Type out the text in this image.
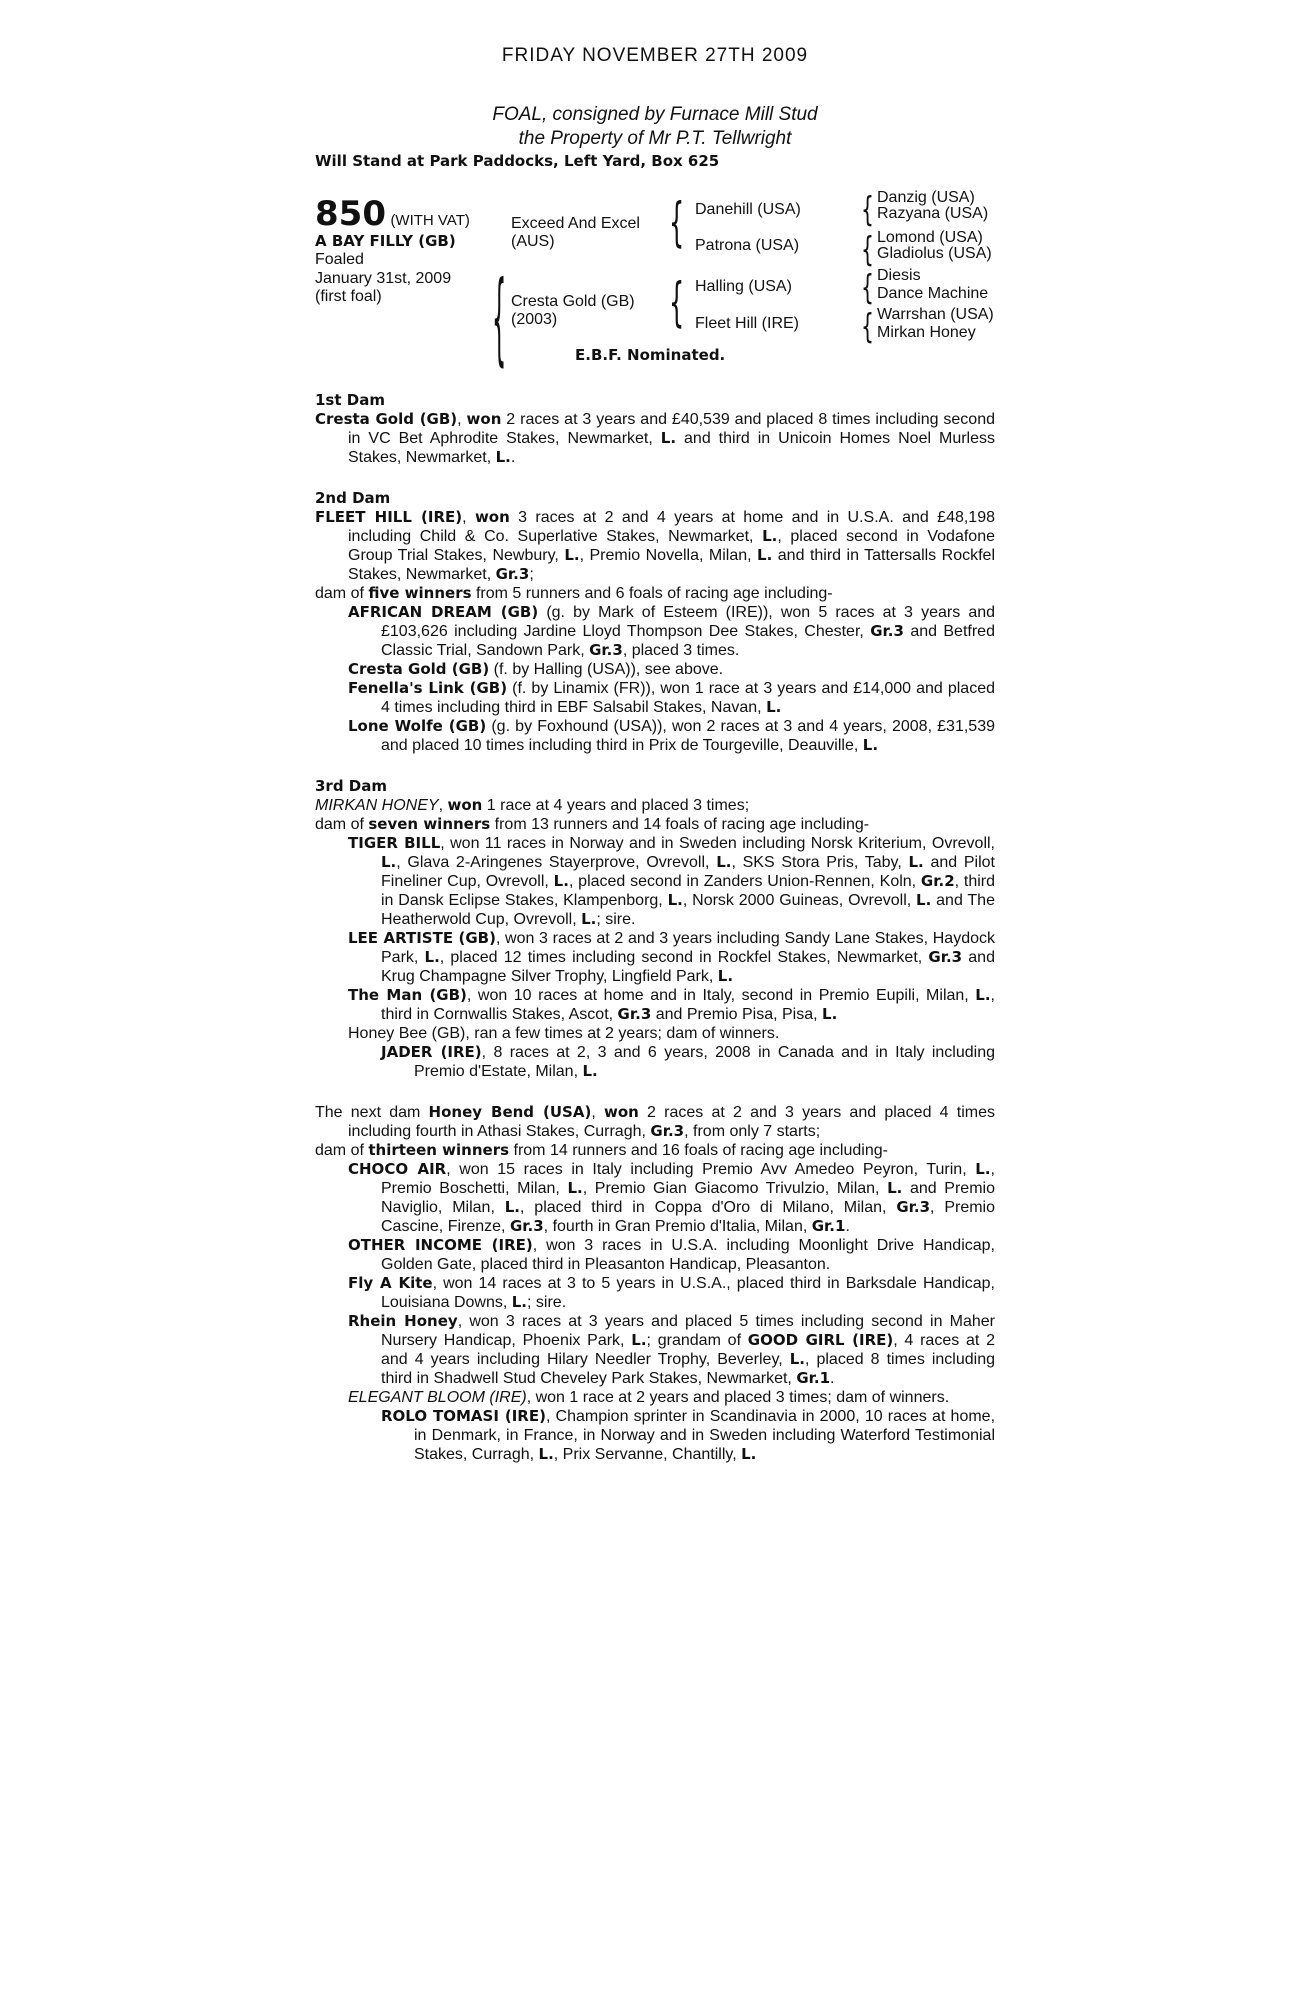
FRIDAY NOVEMBER 27TH 2009
FOAL, consigned by Furnace Mill Stud
the Property of Mr P.T. Tellwright
Will Stand at Park Paddocks, Left Yard, Box 625
850 (WITH VAT)
A BAY FILLY (GB)
Foaled
January 31st, 2009
(first foal) {
Exceed And Excel
(AUS)
Cresta Gold (GB)
(2003)
{ Danehill (USA)
Patrona (USA)
{ Halling (USA)
Fleet Hill (IRE)
{ Danzig (USA)
Razyana (USA)
{ Lomond (USA)
Gladiolus (USA)
{ Diesis
Dance Machine
{ Warrshan (USA)
Mirkan Honey
E.B.F. Nominated.
1st Dam
Cresta Gold (GB), won 2 races at 3 years and £40,539 and placed 8 times including second in VC Bet Aphrodite Stakes, Newmarket, L. and third in Unicoin Homes Noel Murless Stakes, Newmarket, L..
2nd Dam
FLEET HILL (IRE), won 3 races at 2 and 4 years at home and in U.S.A. and £48,198 including Child & Co. Superlative Stakes, Newmarket, L., placed second in Vodafone Group Trial Stakes, Newbury, L., Premio Novella, Milan, L. and third in Tattersalls Rockfel Stakes, Newmarket, Gr.3;
dam of five winners from 5 runners and 6 foals of racing age including-
AFRICAN DREAM (GB) (g. by Mark of Esteem (IRE)), won 5 races at 3 years and £103,626 including Jardine Lloyd Thompson Dee Stakes, Chester, Gr.3 and Betfred Classic Trial, Sandown Park, Gr.3, placed 3 times.
Cresta Gold (GB) (f. by Halling (USA)), see above.
Fenella's Link (GB) (f. by Linamix (FR)), won 1 race at 3 years and £14,000 and placed 4 times including third in EBF Salsabil Stakes, Navan, L.
Lone Wolfe (GB) (g. by Foxhound (USA)), won 2 races at 3 and 4 years, 2008, £31,539 and placed 10 times including third in Prix de Tourgeville, Deauville, L.
3rd Dam
MIRKAN HONEY, won 1 race at 4 years and placed 3 times;
dam of seven winners from 13 runners and 14 foals of racing age including-
TIGER BILL, won 11 races in Norway and in Sweden including Norsk Kriterium, Ovrevoll, L., Glava 2-Aringenes Stayerprove, Ovrevoll, L., SKS Stora Pris, Taby, L. and Pilot Fineliner Cup, Ovrevoll, L., placed second in Zanders Union-Rennen, Koln, Gr.2, third in Dansk Eclipse Stakes, Klampenborg, L., Norsk 2000 Guineas, Ovrevoll, L. and The Heatherwold Cup, Ovrevoll, L.; sire.
LEE ARTISTE (GB), won 3 races at 2 and 3 years including Sandy Lane Stakes, Haydock Park, L., placed 12 times including second in Rockfel Stakes, Newmarket, Gr.3 and Krug Champagne Silver Trophy, Lingfield Park, L.
The Man (GB), won 10 races at home and in Italy, second in Premio Eupili, Milan, L., third in Cornwallis Stakes, Ascot, Gr.3 and Premio Pisa, Pisa, L.
Honey Bee (GB), ran a few times at 2 years; dam of winners.
JADER (IRE), 8 races at 2, 3 and 6 years, 2008 in Canada and in Italy including Premio d'Estate, Milan, L.
The next dam Honey Bend (USA), won 2 races at 2 and 3 years and placed 4 times including fourth in Athasi Stakes, Curragh, Gr.3, from only 7 starts;
dam of thirteen winners from 14 runners and 16 foals of racing age including-
CHOCO AIR, won 15 races in Italy including Premio Avv Amedeo Peyron, Turin, L., Premio Boschetti, Milan, L., Premio Gian Giacomo Trivulzio, Milan, L. and Premio Naviglio, Milan, L., placed third in Coppa d'Oro di Milano, Milan, Gr.3, Premio Cascine, Firenze, Gr.3, fourth in Gran Premio d'Italia, Milan, Gr.1.
OTHER INCOME (IRE), won 3 races in U.S.A. including Moonlight Drive Handicap, Golden Gate, placed third in Pleasanton Handicap, Pleasanton.
Fly A Kite, won 14 races at 3 to 5 years in U.S.A., placed third in Barksdale Handicap, Louisiana Downs, L.; sire.
Rhein Honey, won 3 races at 3 years and placed 5 times including second in Maher Nursery Handicap, Phoenix Park, L.; grandam of GOOD GIRL (IRE), 4 races at 2 and 4 years including Hilary Needler Trophy, Beverley, L., placed 8 times including third in Shadwell Stud Cheveley Park Stakes, Newmarket, Gr.1.
ELEGANT BLOOM (IRE), won 1 race at 2 years and placed 3 times; dam of winners.
ROLO TOMASI (IRE), Champion sprinter in Scandinavia in 2000, 10 races at home, in Denmark, in France, in Norway and in Sweden including Waterford Testimonial Stakes, Curragh, L., Prix Servanne, Chantilly, L.
